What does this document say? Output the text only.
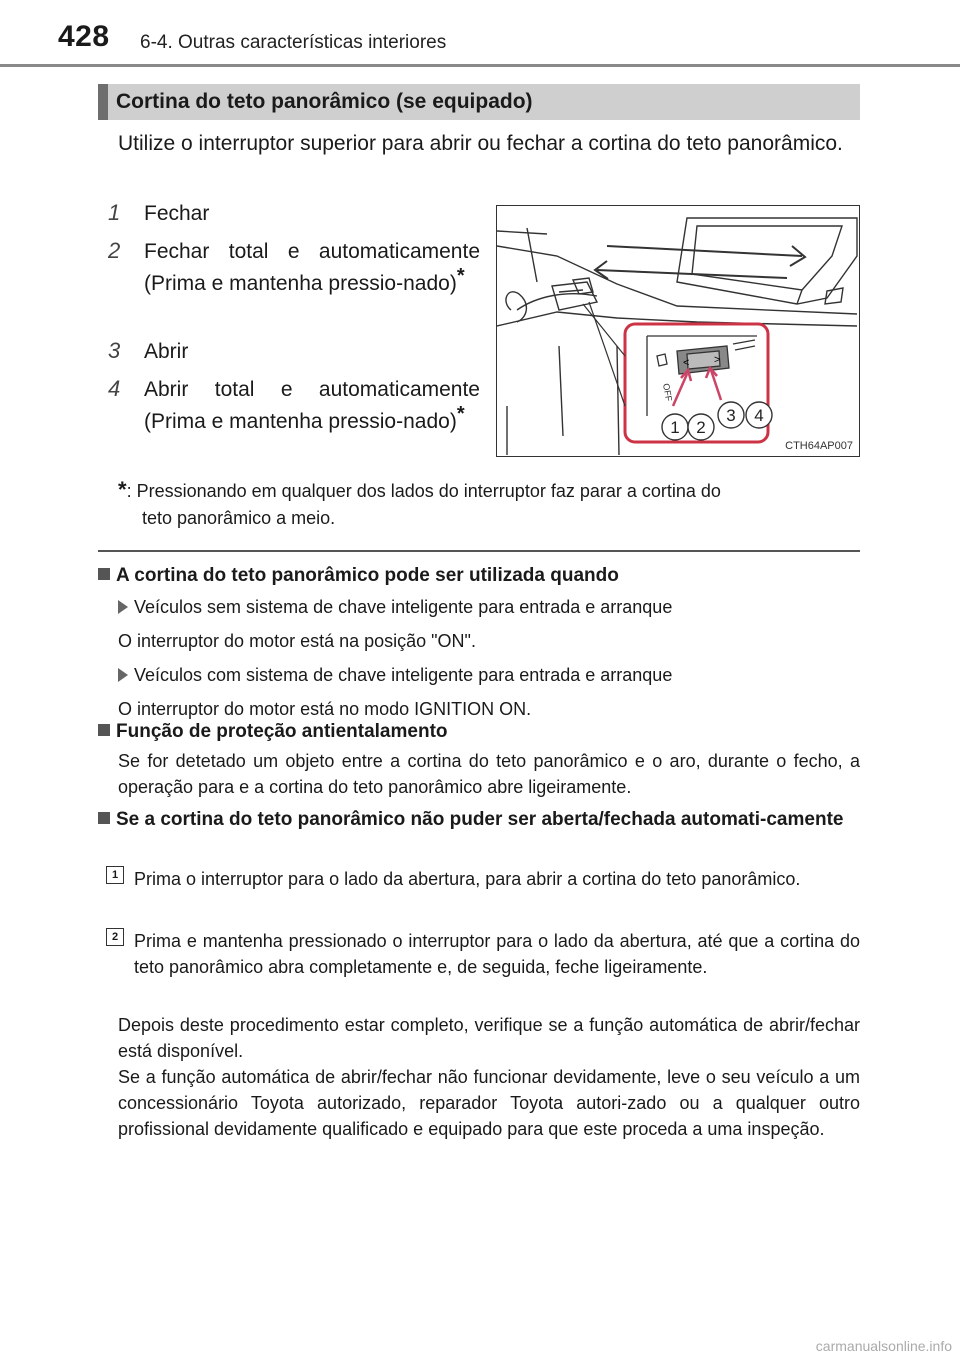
428 6-4. Outras características interiores
Cortina do teto panorâmico (se equipado)
Utilize o interruptor superior para abrir ou fechar a cortina do teto panorâmico.
1 Fechar
2 Fechar total e automaticamente (Prima e mantenha pressio-nado)*
3 Abrir
4 Abrir total e automaticamente (Prima e mantenha pressio-nado)*
< >
OFF
1 2
3 4
CTH64AP007
*: Pressionando em qualquer dos lados do interruptor faz parar a cortina do
teto panorâmico a meio.
A cortina do teto panorâmico pode ser utilizada quando
Veículos sem sistema de chave inteligente para entrada e arranque
O interruptor do motor está na posição "ON".
Veículos com sistema de chave inteligente para entrada e arranque
O interruptor do motor está no modo IGNITION ON.
Função de proteção antientalamento
Se for detetado um objeto entre a cortina do teto panorâmico e o aro, durante o fecho, a operação para e a cortina do teto panorâmico abre ligeiramente.
Se a cortina do teto panorâmico não puder ser aberta/fechada automati-camente
1 Prima o interruptor para o lado da abertura, para abrir a cortina do teto panorâmico.
2 Prima e mantenha pressionado o interruptor para o lado da abertura, até que a cortina do teto panorâmico abra completamente e, de seguida, feche ligeiramente.
Depois deste procedimento estar completo, verifique se a função automática de abrir/fechar está disponível.
Se a função automática de abrir/fechar não funcionar devidamente, leve o seu veículo a um concessionário Toyota autorizado, reparador Toyota autori-zado ou a qualquer outro profissional devidamente qualificado e equipado para que este proceda a uma inspeção.
carmanualsonline.info
